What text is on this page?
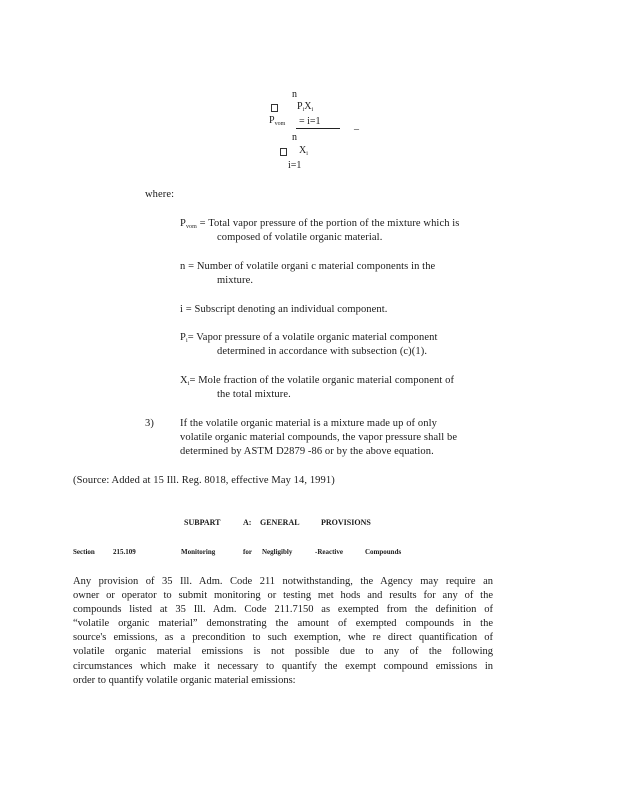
n
$P_iX_i$
$P_{vom} = i=1$	_
n
$X_i$
i=1
where:
$P_{vom}$ = Total vapor pressure of the portion of the mixture which is
composed of volatile organic material.
n = Number of volatile organi c material components in the
mixture.
i = Subscript denoting an individual component.
$P_i=$ Vapor pressure of a volatile organic material component
determined in accordance with subsection (c)(1).
$X_i=$ Mole fraction of the volatile organic material component of
the total mixture.
3) If the volatile organic material is a mixture made up of only
volatile organic material compounds, the vapor pressure shall be
determined by ASTM D2879 -86 or by the above equation.
(Source: Added at 15 Ill. Reg. 8018, effective May 14, 1991)
SUBPART	A: GENERAL	PROVISIONS
Section	215.109	Monitoring	for Negligibly	-Reactive	Compounds
Any provision of 35 Ill. Adm. Code 211 notwithstanding, the Agency may require an
owner or operator to submit monitoring or testing met hods and results for any of the
compounds listed at 35 Ill. Adm. Code 211.7150 as exempted from the definition of
“volatile organic material” demonstrating the amount of exempted compounds in the
source's emissions, as a precondition to such exemption, whe re direct quantification of
volatile organic material emissions is not possible due to any of the following
circumstances which make it necessary to quantify the exempt compound emissions in
order to quantify volatile organic material emissions:
